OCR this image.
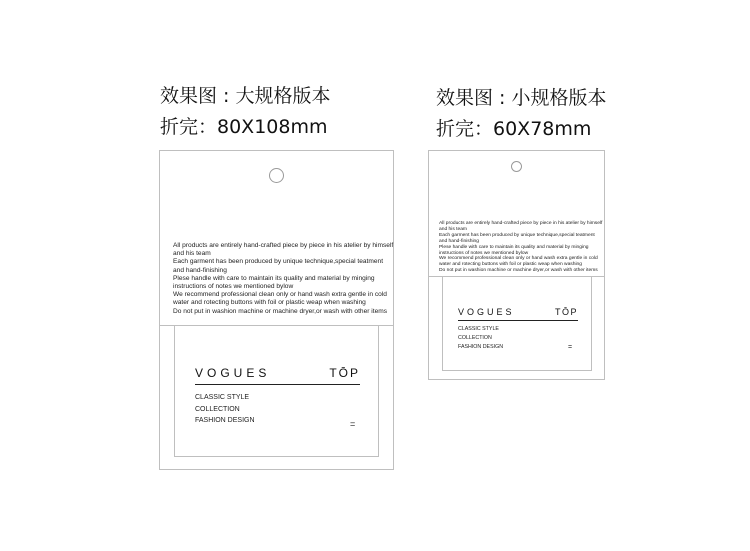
效果图 : 大规格版本
折完：80X108mm
All products are entirely hand-crafted piece by piece in his atelier by himself
and his team
Each garment has been produced by unique technique,special teatment
and hand-finishing
Plese handle with care to maintain its quality and material by minging
instructions of notes we mentioned bylow
We recommend professional clean only or hand wash extra gentle in cold
water and rotecting buttons with foil or plastic weap when washing
Do not put in washion machine or machine dryer,or wash with other items
VOGUES	TŌP
CLASSIC STYLE
COLLECTION
FASHION DESIGN	=
效果图 : 小规格版本
折完：60X78mm
All products are entirely hand-crafted piece by piece in his atelier by himself
and his team
Each garment has been produced by unique technique,special teatment
and hand-finishing
Plese handle with care to maintain its quality and material by minging
instructions of notes we mentioned bylow
We recommend professional clean only or hand wash extra gentle in cold
water and rotecting buttons with foil or plastic weap when washing
Do not put in washion machine or machine dryer,or wash with other items
VOGUES	TŌP
CLASSIC STYLE
COLLECTION
FASHION DESIGN	=
